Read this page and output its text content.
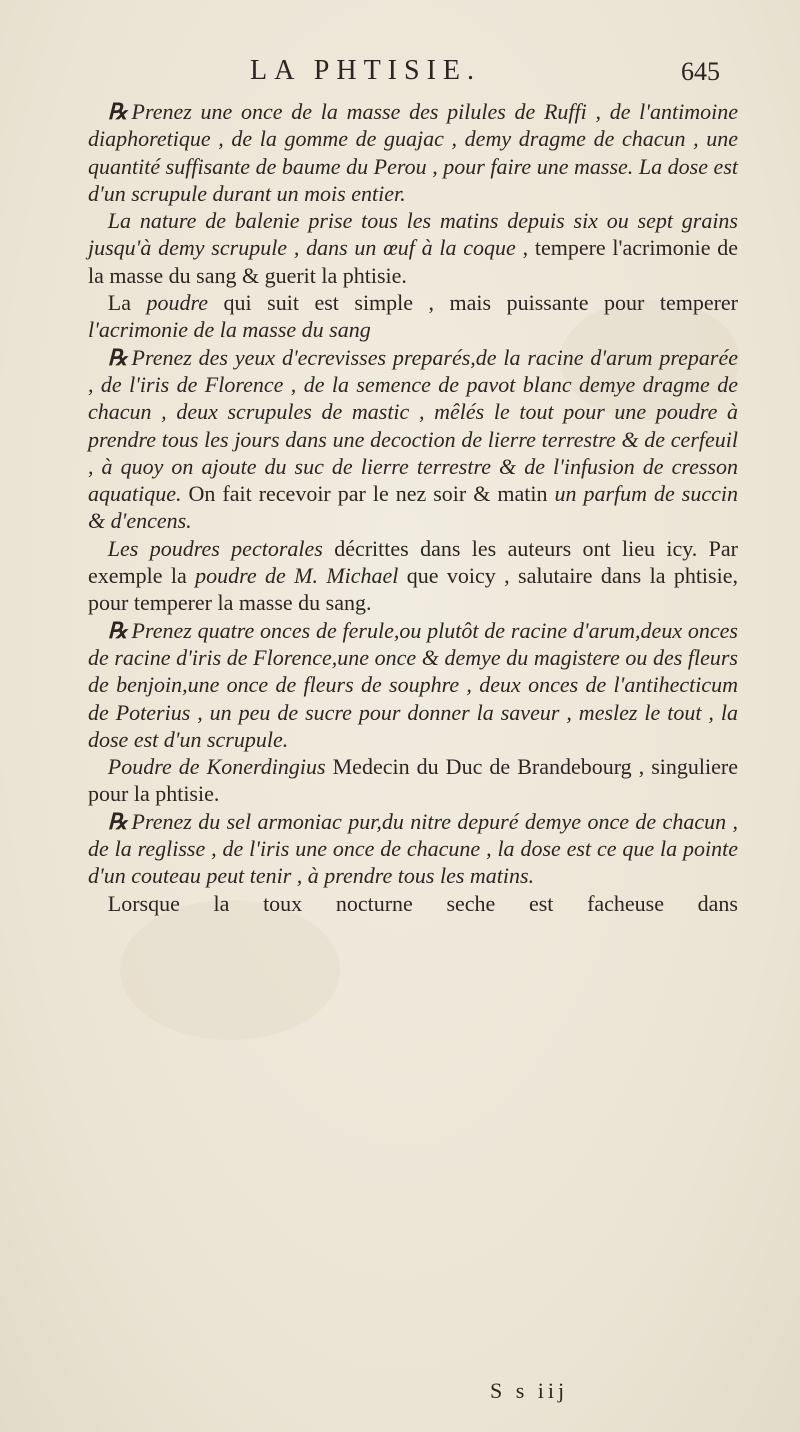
LA PHTISIE.	645

℞ Prenez une once de la masse des pilules de Ruffi , de l'antimoine diaphoretique , de la gomme de guajac , demy dragme de chacun , une quantité suffisante de baume du Perou , pour faire une masse. La dose est d'un scrupule durant un mois entier.

La nature de balenie prise tous les matins depuis six ou sept grains jusqu'à demy scrupule , dans un œuf à la coque , tempere l'acrimonie de la masse du sang & guerit la phtisie.

La poudre qui suit est simple , mais puissante pour temperer l'acrimonie de la masse du sang

℞ Prenez des yeux d'ecrevisses preparés,de la racine d'arum preparée , de l'iris de Florence , de la semence de pavot blanc demye dragme de chacun , deux scrupules de mastic , mêlés le tout pour une poudre à prendre tous les jours dans une decoction de lierre terrestre & de cerfeuil , à quoy on ajoute du suc de lierre terrestre & de l'infusion de cresson aquatique. On fait recevoir par le nez soir & matin un parfum de succin & d'encens.

Les poudres pectorales décrittes dans les auteurs ont lieu icy. Par exemple la poudre de M. Michael que voicy , salutaire dans la phtisie, pour temperer la masse du sang.

℞ Prenez quatre onces de ferule,ou plutôt de racine d'arum,deux onces de racine d'iris de Florence,une once & demye du magistere ou des fleurs de benjoin,une once de fleurs de souphre , deux onces de l'antihecticum de Poterius , un peu de sucre pour donner la saveur , meslez le tout , la dose est d'un scrupule.

Poudre de Konerdingius Medecin du Duc de Brandebourg , singuliere pour la phtisie.

℞ Prenez du sel armoniac pur,du nitre depuré demye once de chacun , de la reglisse , de l'iris une once de chacune , la dose est ce que la pointe d'un couteau peut tenir , à prendre tous les matins.

Lorsque la toux nocturne seche est facheuse dans

S s iij
